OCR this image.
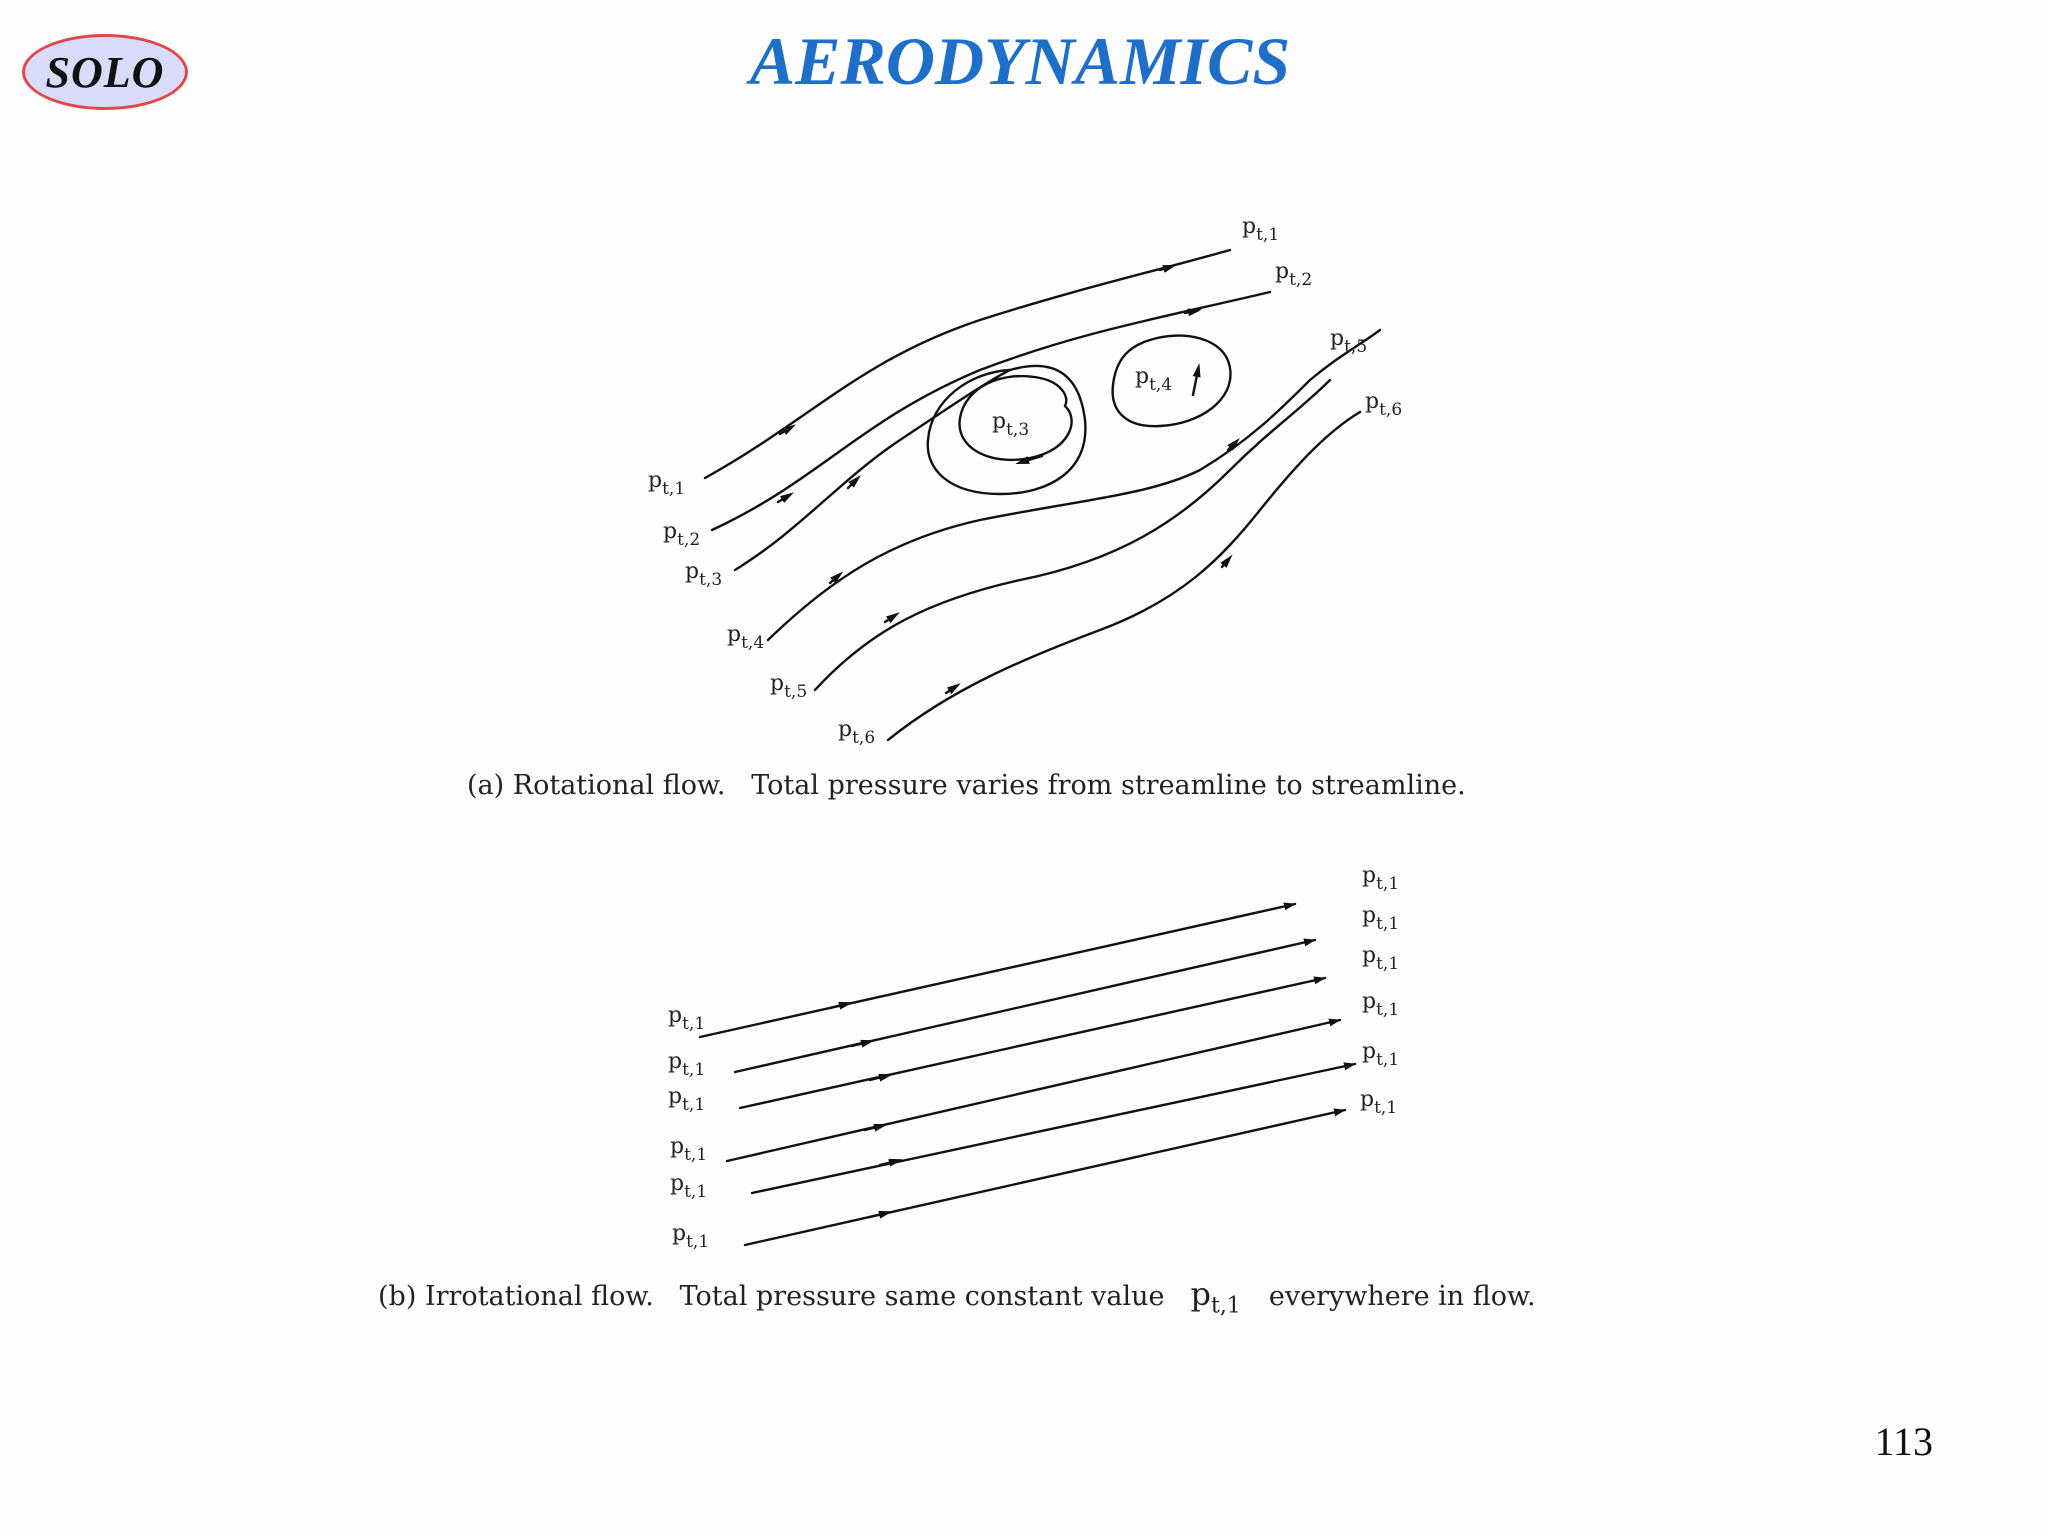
SOLO	AERODYNAMICS
$p_{t,1}$
$p_{t,2}$
$p_{t,3}$
$p_{t,4}$
$p_{t,5}$
$p_{t,6}$
$p_{t,1}$
$p_{t,2}$
$p_{t,5}$
$p_{t,6}$
$p_{t,3}$
$p_{t,4}$
$p_{t,1}$
$p_{t,1}$
$p_{t,1}$
$p_{t,1}$
$p_{t,1}$
$p_{t,1}$
$p_{t,1}$
$p_{t,1}$
$p_{t,1}$
$p_{t,1}$
$p_{t,1}$
$p_{t,1}$
(a) Rotational flow. Total pressure varies from streamline to streamline.
(b) Irrotational flow. Total pressure same constant value $p_{t,1}$ everywhere in flow.
113
